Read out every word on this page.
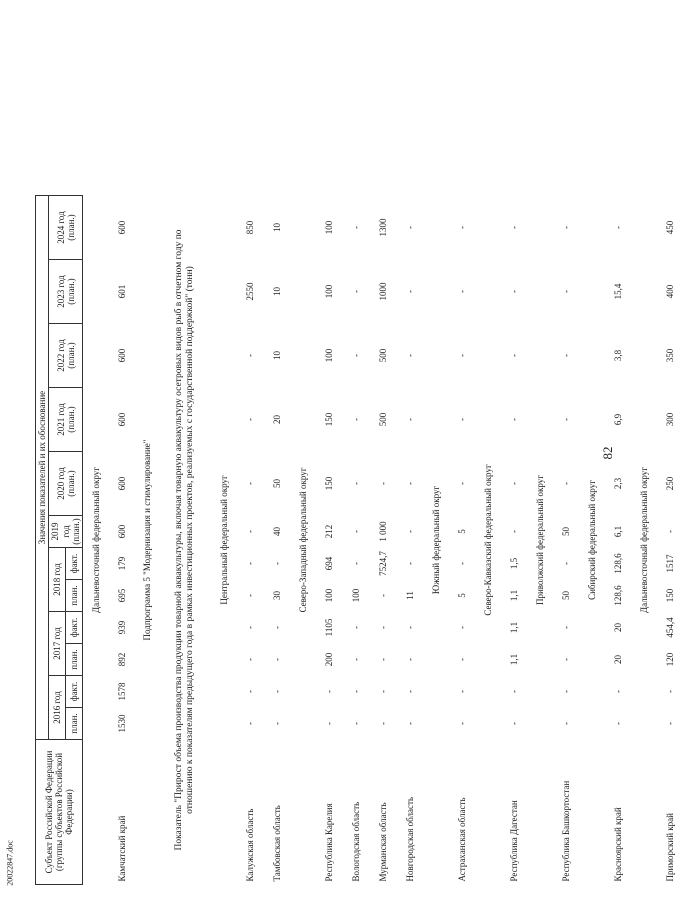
82
20022847.doc	Субъект Российской Федерации (группы субъектов Российской Федерации)	Значения показателей и их обоснование											
	2016 год		2017 год		2018 год		2019 год (план.)	2020 год (план.)	2021 год (план.)	2022 год (план.)	2023 год (план.)	2024 год (план.)
	план.	факт.	план.	факт.	план.	факт.						
Дальневосточный федеральный округ												
Камчатский край	1530	1578	892	939	695	179	600	600	600	600	601	600
Подпрограмма 5 "Модернизация и стимулирование"												
Показатель "Прирост объема производства продукции товарной аквакультуры, включая товарную аквакультуру осетровых видов рыб в отчетном году по отношению к показателям предыдущего года в рамках инвестиционных проектов, реализуемых с государственной поддержкой" (тонн)												
Центральный федеральный округ												
Калужская область	-	-	-	-	-	-	-	-	-	-	2550	850
Тамбовская область	-	-	-	-	30	-	40	50	20	10	10	10
Северо-Западный федеральный округ												
Республика Карелия	-	-	200	1105	100	694	212	150	150	100	100	100
Вологодская область	-	-	-	-	100	-	-	-	-	-	-	-
Мурманская область	-	-	-	-	-	7524,7	1 000	-	500	500	1000	1300
Новгородская область	-	-	-	-	11	-	-	-	-	-	-	-
Южный федеральный округ												
Астраханская область	-	-	-	-	5	-	5	-	-	-	-	-
Северо-Кавказский федеральный округ												
Республика Дагестан	-	-	1,1	1,1	1,1	1,5	-	-	-	-	-	-
Приволжский федеральный округ												
Республика Башкортостан	-	-	-	-	50	-	50	-	-	-	-	-
Сибирский федеральный округ												
Красноярский край	-	-	20	20	128,6	128,6	6,1	2,3	6,9	3,8	15,4	-
Дальневосточный федеральный округ												
Приморский край	-	-	120	454,4	150	1517	-	250	300	350	400	450
